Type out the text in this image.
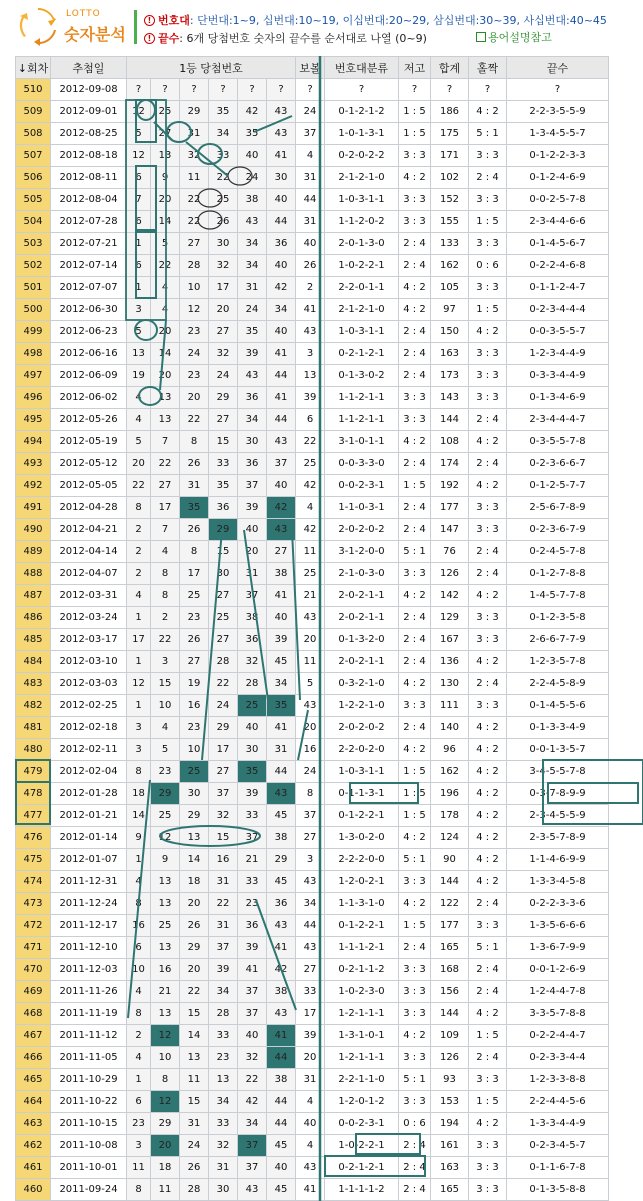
LOTTO
숫자분석
! 번호대: 단번대:1~9, 십번대:10~19, 이십번대:20~29, 삼십번대:30~39, 사십번대:40~45
! 끝수: 6개 당첨번호 숫자의 끝수를 순서대로 나열 (0~9)	용어설명참고
↓회차	추첨일	1등 당첨번호						보볼	번호대분류	저고	합계	홀짝	끝수
510	2012-09-08	?	?	?	?	?	?	?	?	?	?	?	?
509	2012-09-01	12	25	29	35	42	43	24	0-1-2-1-2	1 : 5	186	4 : 2	2-2-3-5-5-9
508	2012-08-25	5	27	31	34	35	43	37	1-0-1-3-1	1 : 5	175	5 : 1	1-3-4-5-5-7
507	2012-08-18	12	13	32	33	40	41	4	0-2-0-2-2	3 : 3	171	3 : 3	0-1-2-2-3-3
506	2012-08-11	6	9	11	22	24	30	31	2-1-2-1-0	4 : 2	102	2 : 4	0-1-2-4-6-9
505	2012-08-04	7	20	22	25	38	40	44	1-0-3-1-1	3 : 3	152	3 : 3	0-0-2-5-7-8
504	2012-07-28	6	14	22	26	43	44	31	1-1-2-0-2	3 : 3	155	1 : 5	2-3-4-4-6-6
503	2012-07-21	1	5	27	30	34	36	40	2-0-1-3-0	2 : 4	133	3 : 3	0-1-4-5-6-7
502	2012-07-14	6	22	28	32	34	40	26	1-0-2-2-1	2 : 4	162	0 : 6	0-2-2-4-6-8
501	2012-07-07	1	4	10	17	31	42	2	2-2-0-1-1	4 : 2	105	3 : 3	0-1-1-2-4-7
500	2012-06-30	3	4	12	20	24	34	41	2-1-2-1-0	4 : 2	97	1 : 5	0-2-3-4-4-4
499	2012-06-23	5	20	23	27	35	40	43	1-0-3-1-1	2 : 4	150	4 : 2	0-0-3-5-5-7
498	2012-06-16	13	14	24	32	39	41	3	0-2-1-2-1	2 : 4	163	3 : 3	1-2-3-4-4-9
497	2012-06-09	19	20	23	24	43	44	13	0-1-3-0-2	2 : 4	173	3 : 3	0-3-3-4-4-9
496	2012-06-02	4	13	20	29	36	41	39	1-1-2-1-1	3 : 3	143	3 : 3	0-1-3-4-6-9
495	2012-05-26	4	13	22	27	34	44	6	1-1-2-1-1	3 : 3	144	2 : 4	2-3-4-4-4-7
494	2012-05-19	5	7	8	15	30	43	22	3-1-0-1-1	4 : 2	108	4 : 2	0-3-5-5-7-8
493	2012-05-12	20	22	26	33	36	37	25	0-0-3-3-0	2 : 4	174	2 : 4	0-2-3-6-6-7
492	2012-05-05	22	27	31	35	37	40	42	0-0-2-3-1	1 : 5	192	4 : 2	0-1-2-5-7-7
491	2012-04-28	8	17	35	36	39	42	4	1-1-0-3-1	2 : 4	177	3 : 3	2-5-6-7-8-9
490	2012-04-21	2	7	26	29	40	43	42	2-0-2-0-2	2 : 4	147	3 : 3	0-2-3-6-7-9
489	2012-04-14	2	4	8	15	20	27	11	3-1-2-0-0	5 : 1	76	2 : 4	0-2-4-5-7-8
488	2012-04-07	2	8	17	30	31	38	25	2-1-0-3-0	3 : 3	126	2 : 4	0-1-2-7-8-8
487	2012-03-31	4	8	25	27	37	41	21	2-0-2-1-1	4 : 2	142	4 : 2	1-4-5-7-7-8
486	2012-03-24	1	2	23	25	38	40	43	2-0-2-1-1	2 : 4	129	3 : 3	0-1-2-3-5-8
485	2012-03-17	17	22	26	27	36	39	20	0-1-3-2-0	2 : 4	167	3 : 3	2-6-6-7-7-9
484	2012-03-10	1	3	27	28	32	45	11	2-0-2-1-1	2 : 4	136	4 : 2	1-2-3-5-7-8
483	2012-03-03	12	15	19	22	28	34	5	0-3-2-1-0	4 : 2	130	2 : 4	2-2-4-5-8-9
482	2012-02-25	1	10	16	24	25	35	43	1-2-2-1-0	3 : 3	111	3 : 3	0-1-4-5-5-6
481	2012-02-18	3	4	23	29	40	41	20	2-0-2-0-2	2 : 4	140	4 : 2	0-1-3-3-4-9
480	2012-02-11	3	5	10	17	30	31	16	2-2-0-2-0	4 : 2	96	4 : 2	0-0-1-3-5-7
479	2012-02-04	8	23	25	27	35	44	24	1-0-3-1-1	1 : 5	162	4 : 2	3-4-5-5-7-8
478	2012-01-28	18	29	30	37	39	43	8	0-1-1-3-1	1 : 5	196	4 : 2	0-3-7-8-9-9
477	2012-01-21	14	25	29	32	33	45	37	0-1-2-2-1	1 : 5	178	4 : 2	2-3-4-5-5-9
476	2012-01-14	9	12	13	15	37	38	27	1-3-0-2-0	4 : 2	124	4 : 2	2-3-5-7-8-9
475	2012-01-07	1	9	14	16	21	29	3	2-2-2-0-0	5 : 1	90	4 : 2	1-1-4-6-9-9
474	2011-12-31	4	13	18	31	33	45	43	1-2-0-2-1	3 : 3	144	4 : 2	1-3-3-4-5-8
473	2011-12-24	8	13	20	22	23	36	34	1-1-3-1-0	4 : 2	122	2 : 4	0-2-2-3-3-6
472	2011-12-17	16	25	26	31	36	43	44	0-1-2-2-1	1 : 5	177	3 : 3	1-3-5-6-6-6
471	2011-12-10	6	13	29	37	39	41	43	1-1-1-2-1	2 : 4	165	5 : 1	1-3-6-7-9-9
470	2011-12-03	10	16	20	39	41	42	27	0-2-1-1-2	3 : 3	168	2 : 4	0-0-1-2-6-9
469	2011-11-26	4	21	22	34	37	38	33	1-0-2-3-0	3 : 3	156	2 : 4	1-2-4-4-7-8
468	2011-11-19	8	13	15	28	37	43	17	1-2-1-1-1	3 : 3	144	4 : 2	3-3-5-7-8-8
467	2011-11-12	2	12	14	33	40	41	39	1-3-1-0-1	4 : 2	109	1 : 5	0-2-2-4-4-7
466	2011-11-05	4	10	13	23	32	44	20	1-2-1-1-1	3 : 3	126	2 : 4	0-2-3-3-4-4
465	2011-10-29	1	8	11	13	22	38	31	2-2-1-1-0	5 : 1	93	3 : 3	1-2-3-3-8-8
464	2011-10-22	6	12	15	34	42	44	4	1-2-0-1-2	3 : 3	153	1 : 5	2-2-4-4-5-6
463	2011-10-15	23	29	31	33	34	44	40	0-0-2-3-1	0 : 6	194	4 : 2	1-3-3-4-4-9
462	2011-10-08	3	20	24	32	37	45	4	1-0-2-2-1	2 : 4	161	3 : 3	0-2-3-4-5-7
461	2011-10-01	11	18	26	31	37	40	43	0-2-1-2-1	2 : 4	163	3 : 3	0-1-1-6-7-8
460	2011-09-24	8	11	28	30	43	45	41	1-1-1-1-2	2 : 4	165	3 : 3	0-1-3-5-8-8
